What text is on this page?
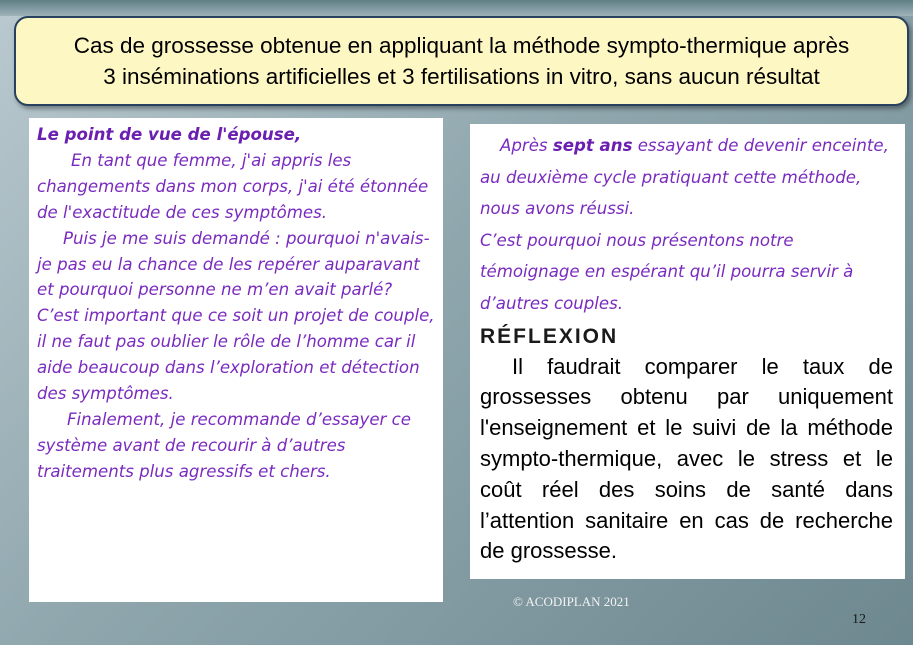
Cas de grossesse obtenue en appliquant la méthode sympto-thermique après
3 inséminations artificielles et 3 fertilisations in vitro, sans aucun résultat

Le point de vue de l'épouse,

En tant que femme, j'ai appris les changements dans mon corps, j'ai été étonnée de l'exactitude de ces symptômes.

Puis je me suis demandé : pourquoi n'avais-je pas eu la chance de les repérer auparavant et pourquoi personne ne m’en avait parlé?

C’est important que ce soit un projet de couple, il ne faut pas oublier le rôle de l’homme car il aide beaucoup dans l’exploration et détection des symptômes.

Finalement, je recommande d’essayer ce système avant de recourir à d’autres traitements plus agressifs et chers.

Après sept ans essayant de devenir enceinte, au deuxième cycle pratiquant cette méthode, nous avons réussi.

C’est pourquoi nous présentons notre témoignage en espérant qu’il pourra servir à d’autres couples.

RÉFLEXION

Il faudrait comparer le taux de grossesses obtenu par uniquement l'enseignement et le suivi de la méthode sympto-thermique, avec le stress et le coût réel des soins de santé dans l’attention sanitaire en cas de recherche de grossesse.

© ACODIPLAN 2021
12
